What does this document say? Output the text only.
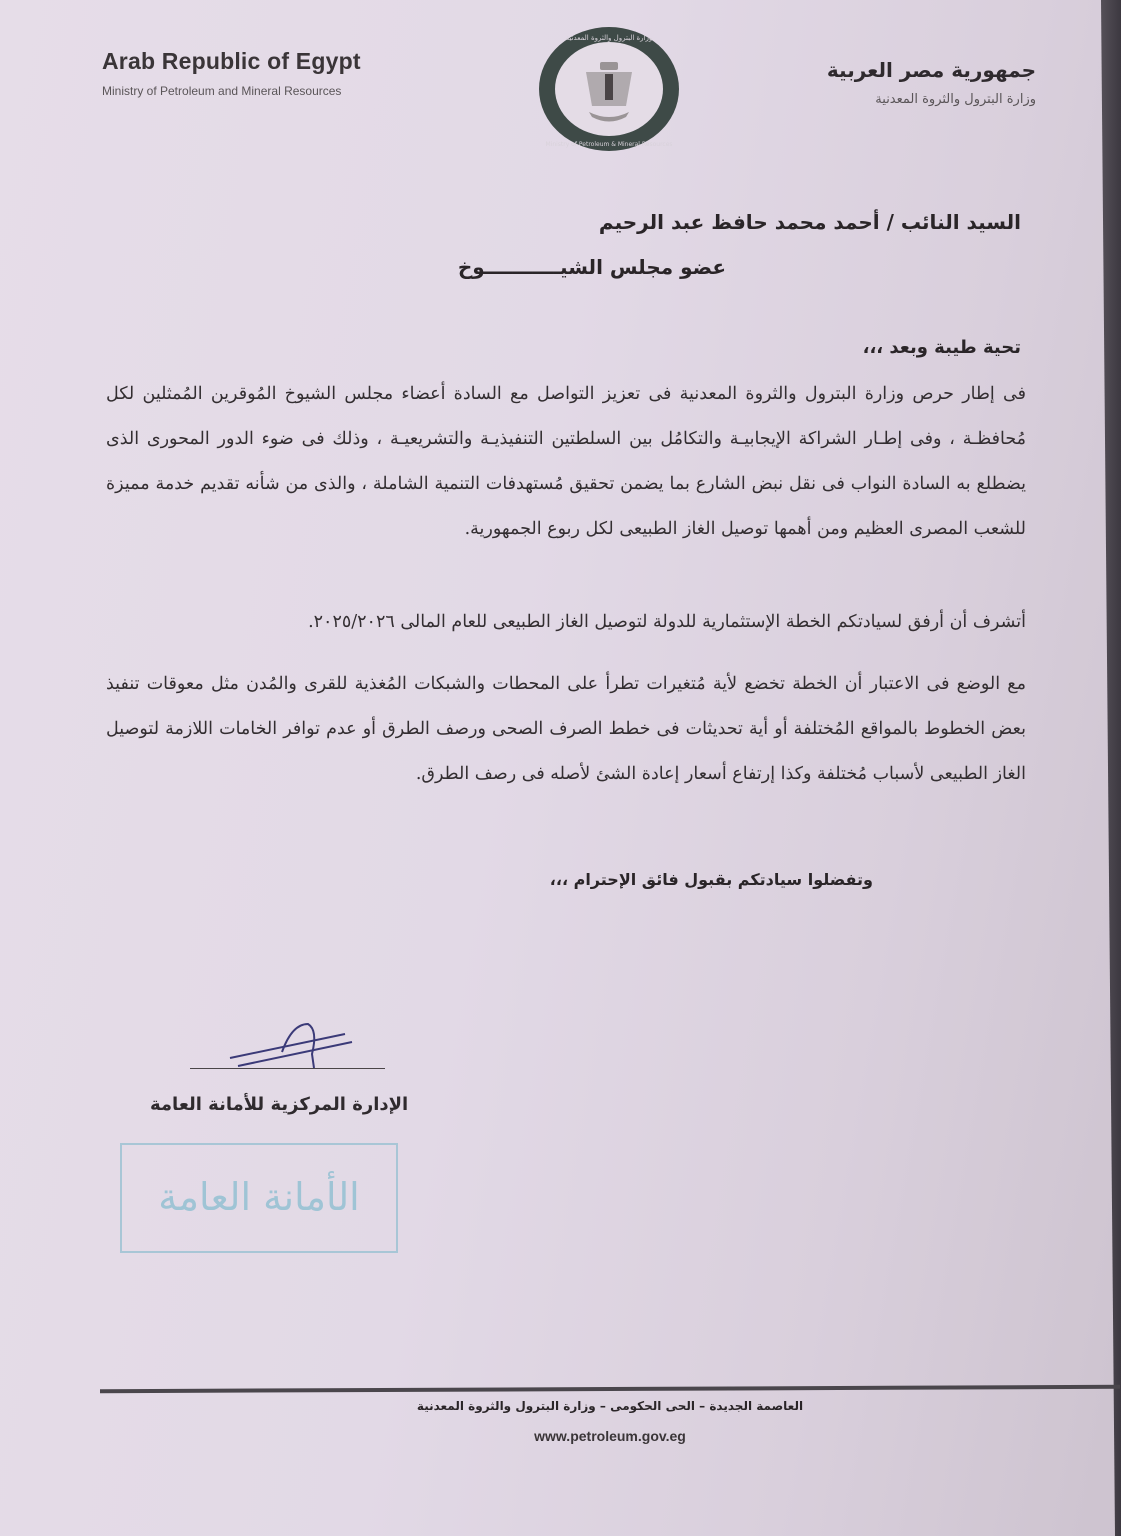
Arab Republic of Egypt
Ministry of Petroleum and Mineral Resources
وزارة البترول والثروة المعدنية
Ministry of Petroleum & Mineral Resources
جمهورية مصر العربية
وزارة البترول والثروة المعدنية
السيد النائب / أحمد محمد حافظ عبد الرحيم
عضو مجلس الشيـــــــــــوخ
تحية طيبة وبعد ،،،
فى إطار حرص وزارة البترول والثروة المعدنية فى تعزيز التواصل مع السادة أعضاء مجلس الشيوخ المُوقرين المُمثلين لكل مُحافظـة ، وفى إطـار الشراكة الإيجابيـة والتكامُل بين السلطتين التنفيذيـة والتشريعيـة ، وذلك فى ضوء الدور المحورى الذى يضطلع به السادة النواب فى نقل نبض الشارع بما يضمن تحقيق مُستهدفات التنمية الشاملة ، والذى من شأنه تقديم خدمة مميزة للشعب المصرى العظيم ومن أهمها توصيل الغاز الطبيعى لكل ربوع الجمهورية.
أتشرف أن أرفق لسيادتكم الخطة الإستثمارية للدولة لتوصيل الغاز الطبيعى للعام المالى ٢٠٢٥/٢٠٢٦.
مع الوضع فى الاعتبار أن الخطة تخضع لأية مُتغيرات تطرأ على المحطات والشبكات المُغذية للقرى والمُدن مثل معوقات تنفيذ بعض الخطوط بالمواقع المُختلفة أو أية تحديثات فى خطط الصرف الصحى ورصف الطرق أو عدم توافر الخامات اللازمة لتوصيل الغاز الطبيعى لأسباب مُختلفة وكذا إرتفاع أسعار إعادة الشئ لأصله فى رصف الطرق.
وتفضلوا سيادتكم بقبول فائق الإحترام ،،،
الإدارة المركزية للأمانة العامة
الأمانة العامة
العاصمة الجديدة – الحى الحكومى – وزارة البترول والثروة المعدنية
www.petroleum.gov.eg
